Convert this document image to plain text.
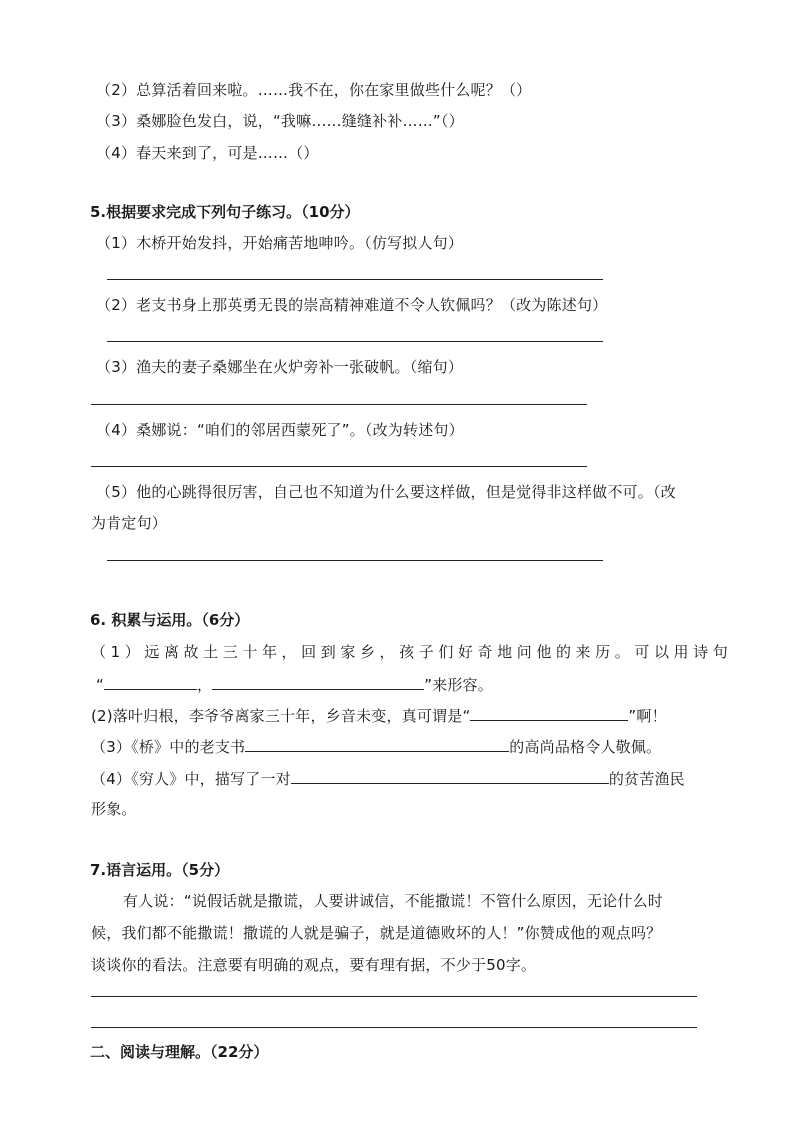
（2）总算活着回来啦。……我不在，你在家里做些什么呢？（）
（3）桑娜脸色发白，说，“我嘛……缝缝补补……”（）
（4）春天来到了，可是……（）
5.根据要求完成下列句子练习。（10分）
（1）木桥开始发抖，开始痛苦地呻吟。（仿写拟人句）
（2）老支书身上那英勇无畏的崇高精神难道不令人钦佩吗？（改为陈述句）
（3）渔夫的妻子桑娜坐在火炉旁补一张破帆。（缩句）
（4）桑娜说：“咱们的邻居西蒙死了”。（改为转述句）
（5）他的心跳得很厉害，自己也不知道为什么要这样做，但是觉得非这样做不可。（改
为肯定句）
6. 积累与运用。（6分）
（1）远离故土三十年，回到家乡，孩子们好奇地问他的来历。可以用诗句
“	，	”来形容。
(2)落叶归根，李爷爷离家三十年，乡音未变，真可谓是“	”啊！
（3）《桥》中的老支书	的高尚品格令人敬佩。
（4）《穷人》中，描写了一对	的贫苦渔民
形象。
7.语言运用。（5分）
有人说：“说假话就是撒谎，人要讲诚信，不能撒谎！不管什么原因，无论什么时
候，我们都不能撒谎！撒谎的人就是骗子，就是道德败坏的人！”你赞成他的观点吗？
谈谈你的看法。注意要有明确的观点，要有理有据，不少于50字。
二、阅读与理解。（22分）
